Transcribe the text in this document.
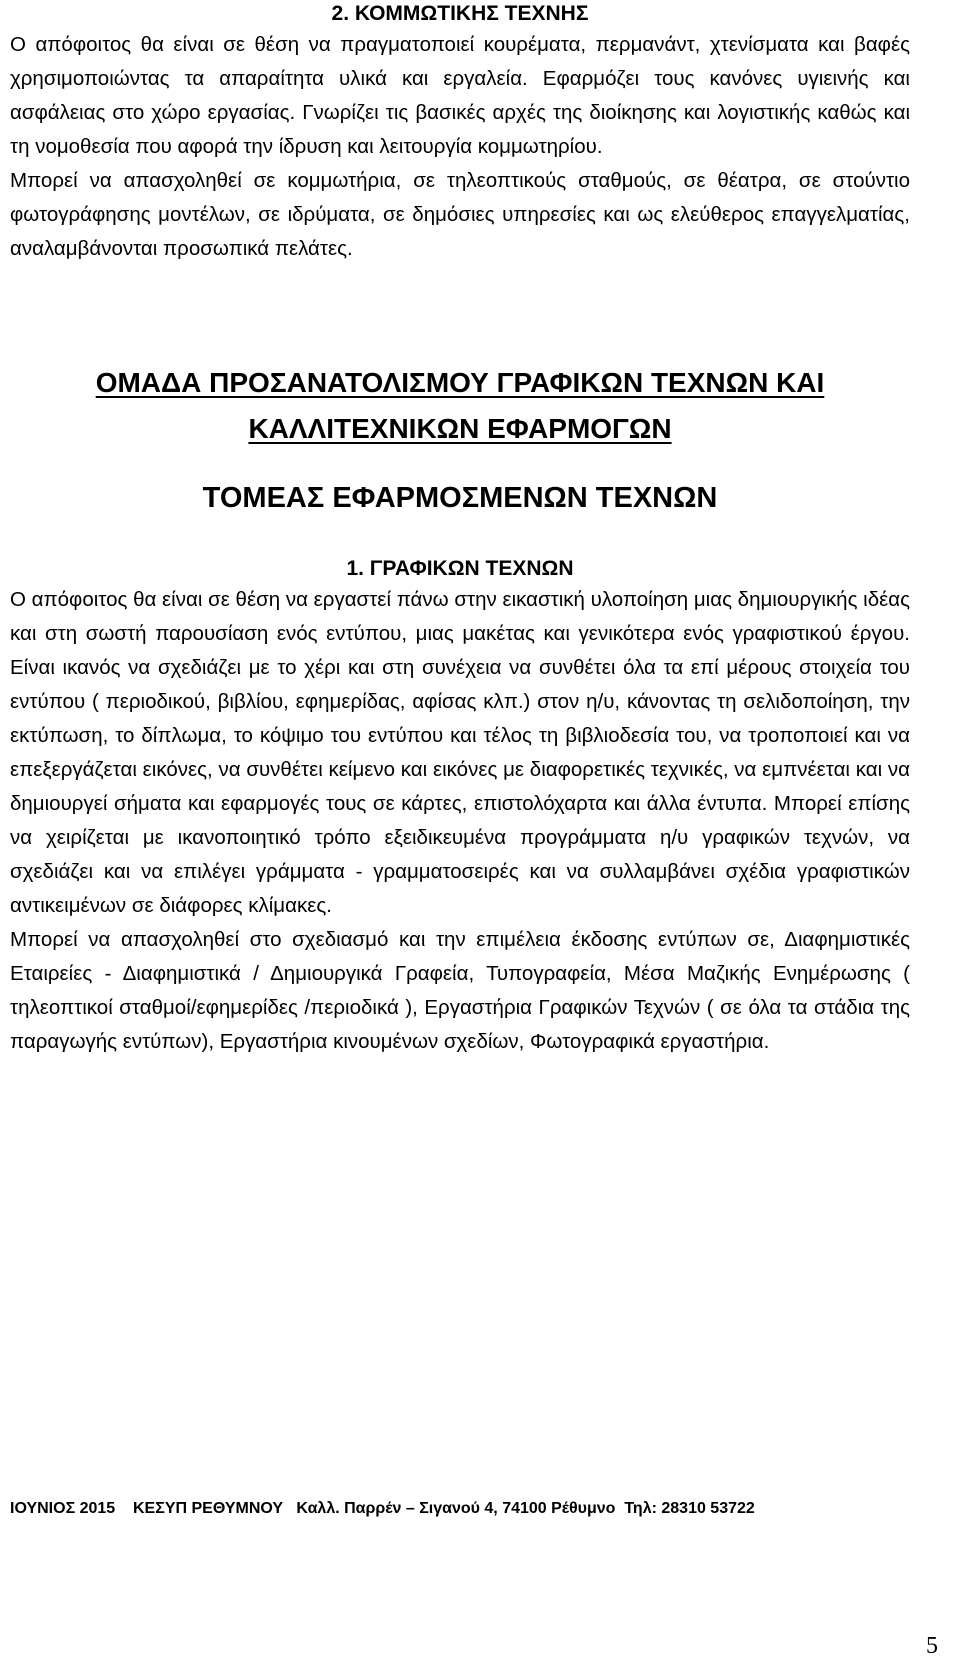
2. ΚΟΜΜΩΤΙΚΗΣ ΤΕΧΝΗΣ

Ο απόφοιτος θα είναι σε θέση να πραγματοποιεί κουρέματα, περμανάντ, χτενίσματα και βαφές χρησιμοποιώντας τα απαραίτητα υλικά και εργαλεία. Εφαρμόζει τους κανόνες υγιεινής και ασφάλειας στο χώρο εργασίας. Γνωρίζει τις βασικές αρχές της διοίκησης και λογιστικής καθώς και τη νομοθεσία που αφορά την ίδρυση και λειτουργία κομμωτηρίου.

Μπορεί να απασχοληθεί σε κομμωτήρια, σε τηλεοπτικούς σταθμούς, σε θέατρα, σε στούντιο φωτογράφησης μοντέλων, σε ιδρύματα, σε δημόσιες υπηρεσίες και ως ελεύθερος επαγγελματίας, αναλαμβάνονται προσωπικά πελάτες.

ΟΜΑΔΑ ΠΡΟΣΑΝΑΤΟΛΙΣΜΟΥ ΓΡΑΦΙΚΩΝ ΤΕΧΝΩΝ ΚΑΙ
ΚΑΛΛΙΤΕΧΝΙΚΩΝ ΕΦΑΡΜΟΓΩΝ
ΤΟΜΕΑΣ ΕΦΑΡΜΟΣΜΕΝΩΝ ΤΕΧΝΩΝ
1. ΓΡΑΦΙΚΩΝ ΤΕΧΝΩΝ

Ο απόφοιτος θα είναι σε θέση να εργαστεί πάνω στην εικαστική υλοποίηση μιας δημιουργικής ιδέας και στη σωστή παρουσίαση ενός εντύπου, μιας μακέτας και γενικότερα ενός γραφιστικού έργου. Είναι ικανός να σχεδιάζει με το χέρι και στη συνέχεια να συνθέτει όλα τα επί μέρους στοιχεία του εντύπου ( περιοδικού, βιβλίου, εφημερίδας, αφίσας κλπ.) στον η/υ, κάνοντας τη σελιδοποίηση, την εκτύπωση, το δίπλωμα, το κόψιμο του εντύπου και τέλος τη βιβλιοδεσία του, να τροποποιεί και να επεξεργάζεται εικόνες, να συνθέτει κείμενο και εικόνες με διαφορετικές τεχνικές, να εμπνέεται και να δημιουργεί σήματα και εφαρμογές τους σε κάρτες, επιστολόχαρτα και άλλα έντυπα. Μπορεί επίσης να χειρίζεται με ικανοποιητικό τρόπο εξειδικευμένα προγράμματα η/υ γραφικών τεχνών, να σχεδιάζει και να επιλέγει γράμματα - γραμματοσειρές και να συλλαμβάνει σχέδια γραφιστικών αντικειμένων σε διάφορες κλίμακες.

Μπορεί να απασχοληθεί στο σχεδιασμό και την επιμέλεια έκδοσης εντύπων σε, Διαφημιστικές Εταιρείες - Διαφημιστικά / Δημιουργικά Γραφεία, Τυπογραφεία, Μέσα Μαζικής Ενημέρωσης ( τηλεοπτικοί σταθμοί/εφημερίδες /περιοδικά ), Εργαστήρια Γραφικών Τεχνών ( σε όλα τα στάδια της παραγωγής εντύπων), Εργαστήρια κινουμένων σχεδίων, Φωτογραφικά εργαστήρια.

ΙΟΥΝΙΟΣ 2015    ΚΕΣΥΠ ΡΕΘΥΜΝΟΥ   Καλλ. Παρρέν – Σιγανού 4, 74100 Ρέθυμνο  Τηλ: 28310 53722
5
